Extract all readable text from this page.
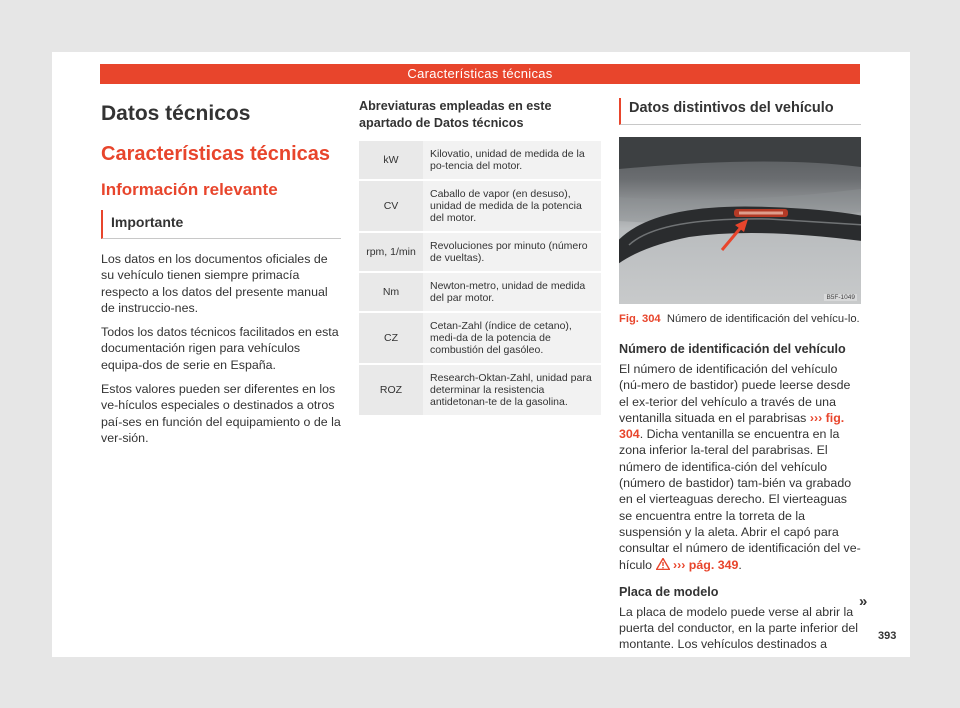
Características técnicas
Datos técnicos
Características técnicas
Información relevante
Importante

Los datos en los documentos oficiales de su vehículo tienen siempre primacía respecto a los datos del presente manual de instruccio-nes.

Todos los datos técnicos facilitados en esta documentación rigen para vehículos equipa-dos de serie en España.

Estos valores pueden ser diferentes en los ve-hículos especiales o destinados a otros paí-ses en función del equipamiento o de la ver-sión.

Abreviaturas empleadas en este apartado de Datos técnicos
kW	Kilovatio, unidad de medida de la po-tencia del motor.
CV	Caballo de vapor (en desuso), unidad de medida de la potencia del motor.
rpm, 1/min	Revoluciones por minuto (número de vueltas).
Nm	Newton-metro, unidad de medida del par motor.
CZ	Cetan-Zahl (índice de cetano), medi-da de la potencia de combustión del gasóleo.
ROZ	Research-Oktan-Zahl, unidad para determinar la resistencia antidetonan-te de la gasolina.
Datos distintivos del vehículo
B5F-1049

Fig. 304 Número de identificación del vehícu-lo.

Número de identificación del vehículo

El número de identificación del vehículo (nú-mero de bastidor) puede leerse desde el ex-terior del vehículo a través de una ventanilla situada en el parabrisas ››› fig. 304. Dicha ventanilla se encuentra en la zona inferior la-teral del parabrisas. El número de identifica-ción del vehículo (número de bastidor) tam-bién va grabado en el vierteaguas derecho. El vierteaguas se encuentra entre la torreta de la suspensión y la aleta. Abrir el capó para consultar el número de identificación del ve-hículo ››› pág. 349.

Placa de modelo

La placa de modelo puede verse al abrir la puerta del conductor, en la parte inferior del montante. Los vehículos destinados a

»
393
